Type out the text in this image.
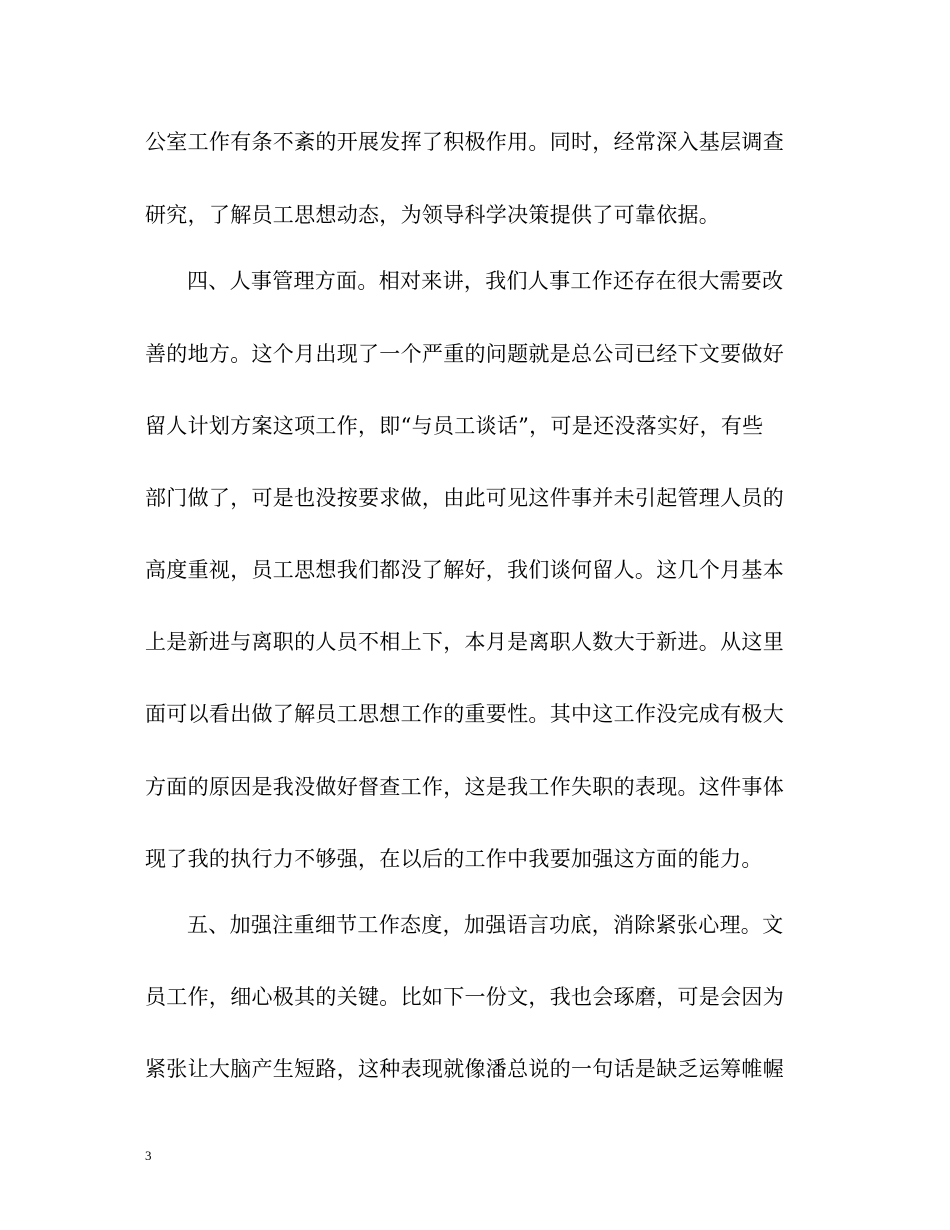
公室工作有条不紊的开展发挥了积极作用。同时，经常深入基层调查
研究，了解员工思想动态，为领导科学决策提供了可靠依据。
四、人事管理方面。相对来讲，我们人事工作还存在很大需要改
善的地方。这个月出现了一个严重的问题就是总公司已经下文要做好
留人计划方案这项工作，即“与员工谈话”，可是还没落实好，有些
部门做了，可是也没按要求做，由此可见这件事并未引起管理人员的
高度重视，员工思想我们都没了解好，我们谈何留人。这几个月基本
上是新进与离职的人员不相上下，本月是离职人数大于新进。从这里
面可以看出做了解员工思想工作的重要性。其中这工作没完成有极大
方面的原因是我没做好督查工作，这是我工作失职的表现。这件事体
现了我的执行力不够强，在以后的工作中我要加强这方面的能力。
五、加强注重细节工作态度，加强语言功底，消除紧张心理。文
员工作，细心极其的关键。比如下一份文，我也会琢磨，可是会因为
紧张让大脑产生短路，这种表现就像潘总说的一句话是缺乏运筹帷幄
3
